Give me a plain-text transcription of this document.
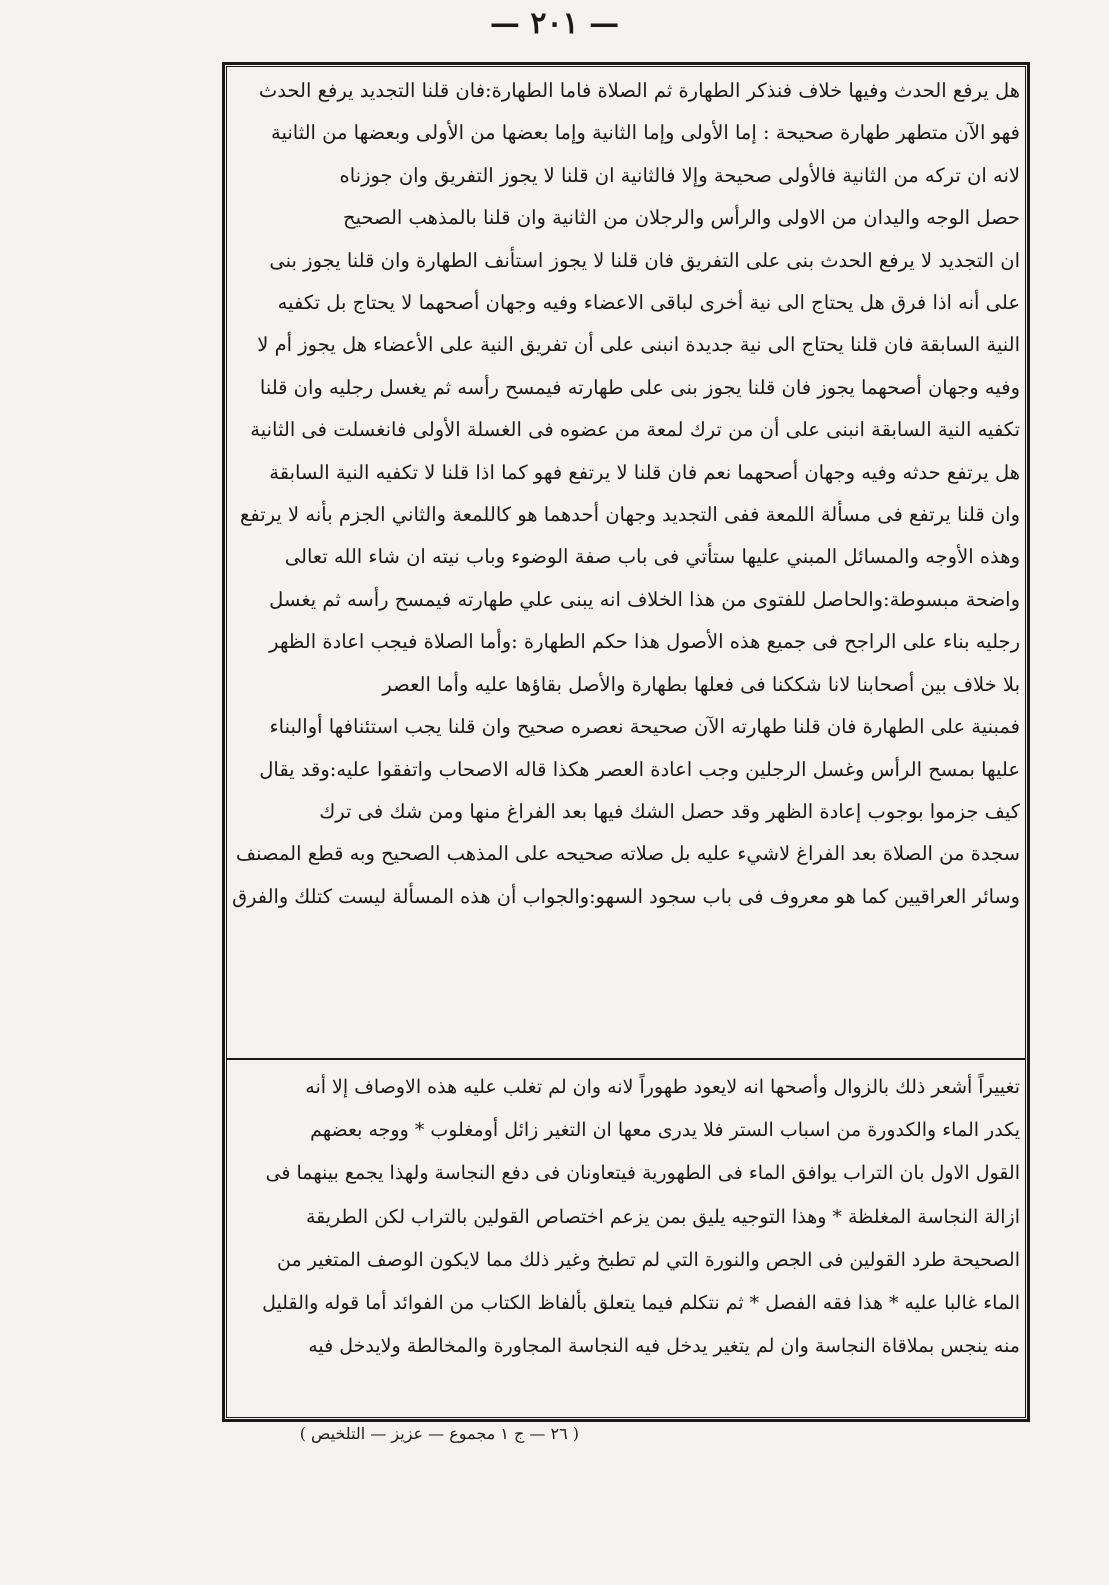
— ٢٠١ —
هل يرفع الحدث وفيها خلاف فنذكر الطهارة ثم الصلاة فاما الطهارة:فان قلنا التجديد يرفع الحدث
فهو الآن متطهر طهارة صحيحة : إما الأولى وإما الثانية وإما بعضها من الأولى وبعضها من الثانية
لانه ان تركه من الثانية فالأولى صحيحة وإلا فالثانية ان قلنا لا يجوز التفريق وان جوزناه
حصل الوجه واليدان من الاولى والرأس والرجلان من الثانية وان قلنا بالمذهب الصحيح
ان التجديد لا يرفع الحدث بنى على التفريق فان قلنا لا يجوز استأنف الطهارة وان قلنا يجوز بنى
على أنه اذا فرق هل يحتاج الى نية أخرى لباقى الاعضاء وفيه وجهان أصحهما لا يحتاج بل تكفيه
النية السابقة فان قلنا يحتاج الى نية جديدة انبنى على أن تفريق النية على الأعضاء هل يجوز أم لا
وفيه وجهان أصحهما يجوز فان قلنا يجوز بنى على طهارته فيمسح رأسه ثم يغسل رجليه وان قلنا
تكفيه النية السابقة انبنى على أن من ترك لمعة من عضوه فى الغسلة الأولى فانغسلت فى الثانية
هل يرتفع حدثه وفيه وجهان أصحهما نعم فان قلنا لا يرتفع فهو كما اذا قلنا لا تكفيه النية السابقة
وان قلنا يرتفع فى مسألة اللمعة ففى التجديد وجهان أحدهما هو كاللمعة والثاني الجزم بأنه لا يرتفع
وهذه الأوجه والمسائل المبني عليها ستأتي فى باب صفة الوضوء وباب نيته ان شاء الله تعالى
واضحة مبسوطة:والحاصل للفتوى من هذا الخلاف انه يبنى علي طهارته فيمسح رأسه ثم يغسل
رجليه بناء على الراجح فى جميع هذه الأصول هذا حكم الطهارة :وأما الصلاة فيجب اعادة الظهر
بلا خلاف بين أصحابنا لانا شككنا فى فعلها بطهارة والأصل بقاؤها عليه وأما العصر
فمبنية على الطهارة فان قلنا طهارته الآن صحيحة نعصره صحيح وان قلنا يجب استئنافها أوالبناء
عليها بمسح الرأس وغسل الرجلين وجب اعادة العصر هكذا قاله الاصحاب واتفقوا عليه:وقد يقال
كيف جزموا بوجوب إعادة الظهر وقد حصل الشك فيها بعد الفراغ منها ومن شك فى ترك
سجدة من الصلاة بعد الفراغ لاشيء عليه بل صلاته صحيحه على المذهب الصحيح وبه قطع المصنف
وسائر العراقيين كما هو معروف فى باب سجود السهو:والجواب أن هذه المسألة ليست كتلك والفرق
تغييراً أشعر ذلك بالزوال وأصحها انه لايعود طهوراً لانه وان لم تغلب عليه هذه الاوصاف إلا أنه
يكدر الماء والكدورة من اسباب الستر فلا يدرى معها ان التغير زائل أومغلوب * ووجه بعضهم
القول الاول بان التراب يوافق الماء فى الطهورية فيتعاونان فى دفع النجاسة ولهذا يجمع بينهما فى
ازالة النجاسة المغلظة * وهذا التوجيه يليق بمن يزعم اختصاص القولين بالتراب لكن الطريقة
الصحيحة طرد القولين فى الجص والنورة التي لم تطبخ وغير ذلك مما لايكون الوصف المتغير من
الماء غالبا عليه * هذا فقه الفصل * ثم نتكلم فيما يتعلق بألفاظ الكتاب من الفوائد أما قوله والقليل
منه ينجس بملاقاة النجاسة وان لم يتغير يدخل فيه النجاسة المجاورة والمخالطة ولايدخل فيه
( ٢٦ — ج ١ مجموع — عزيز — التلخيص )
